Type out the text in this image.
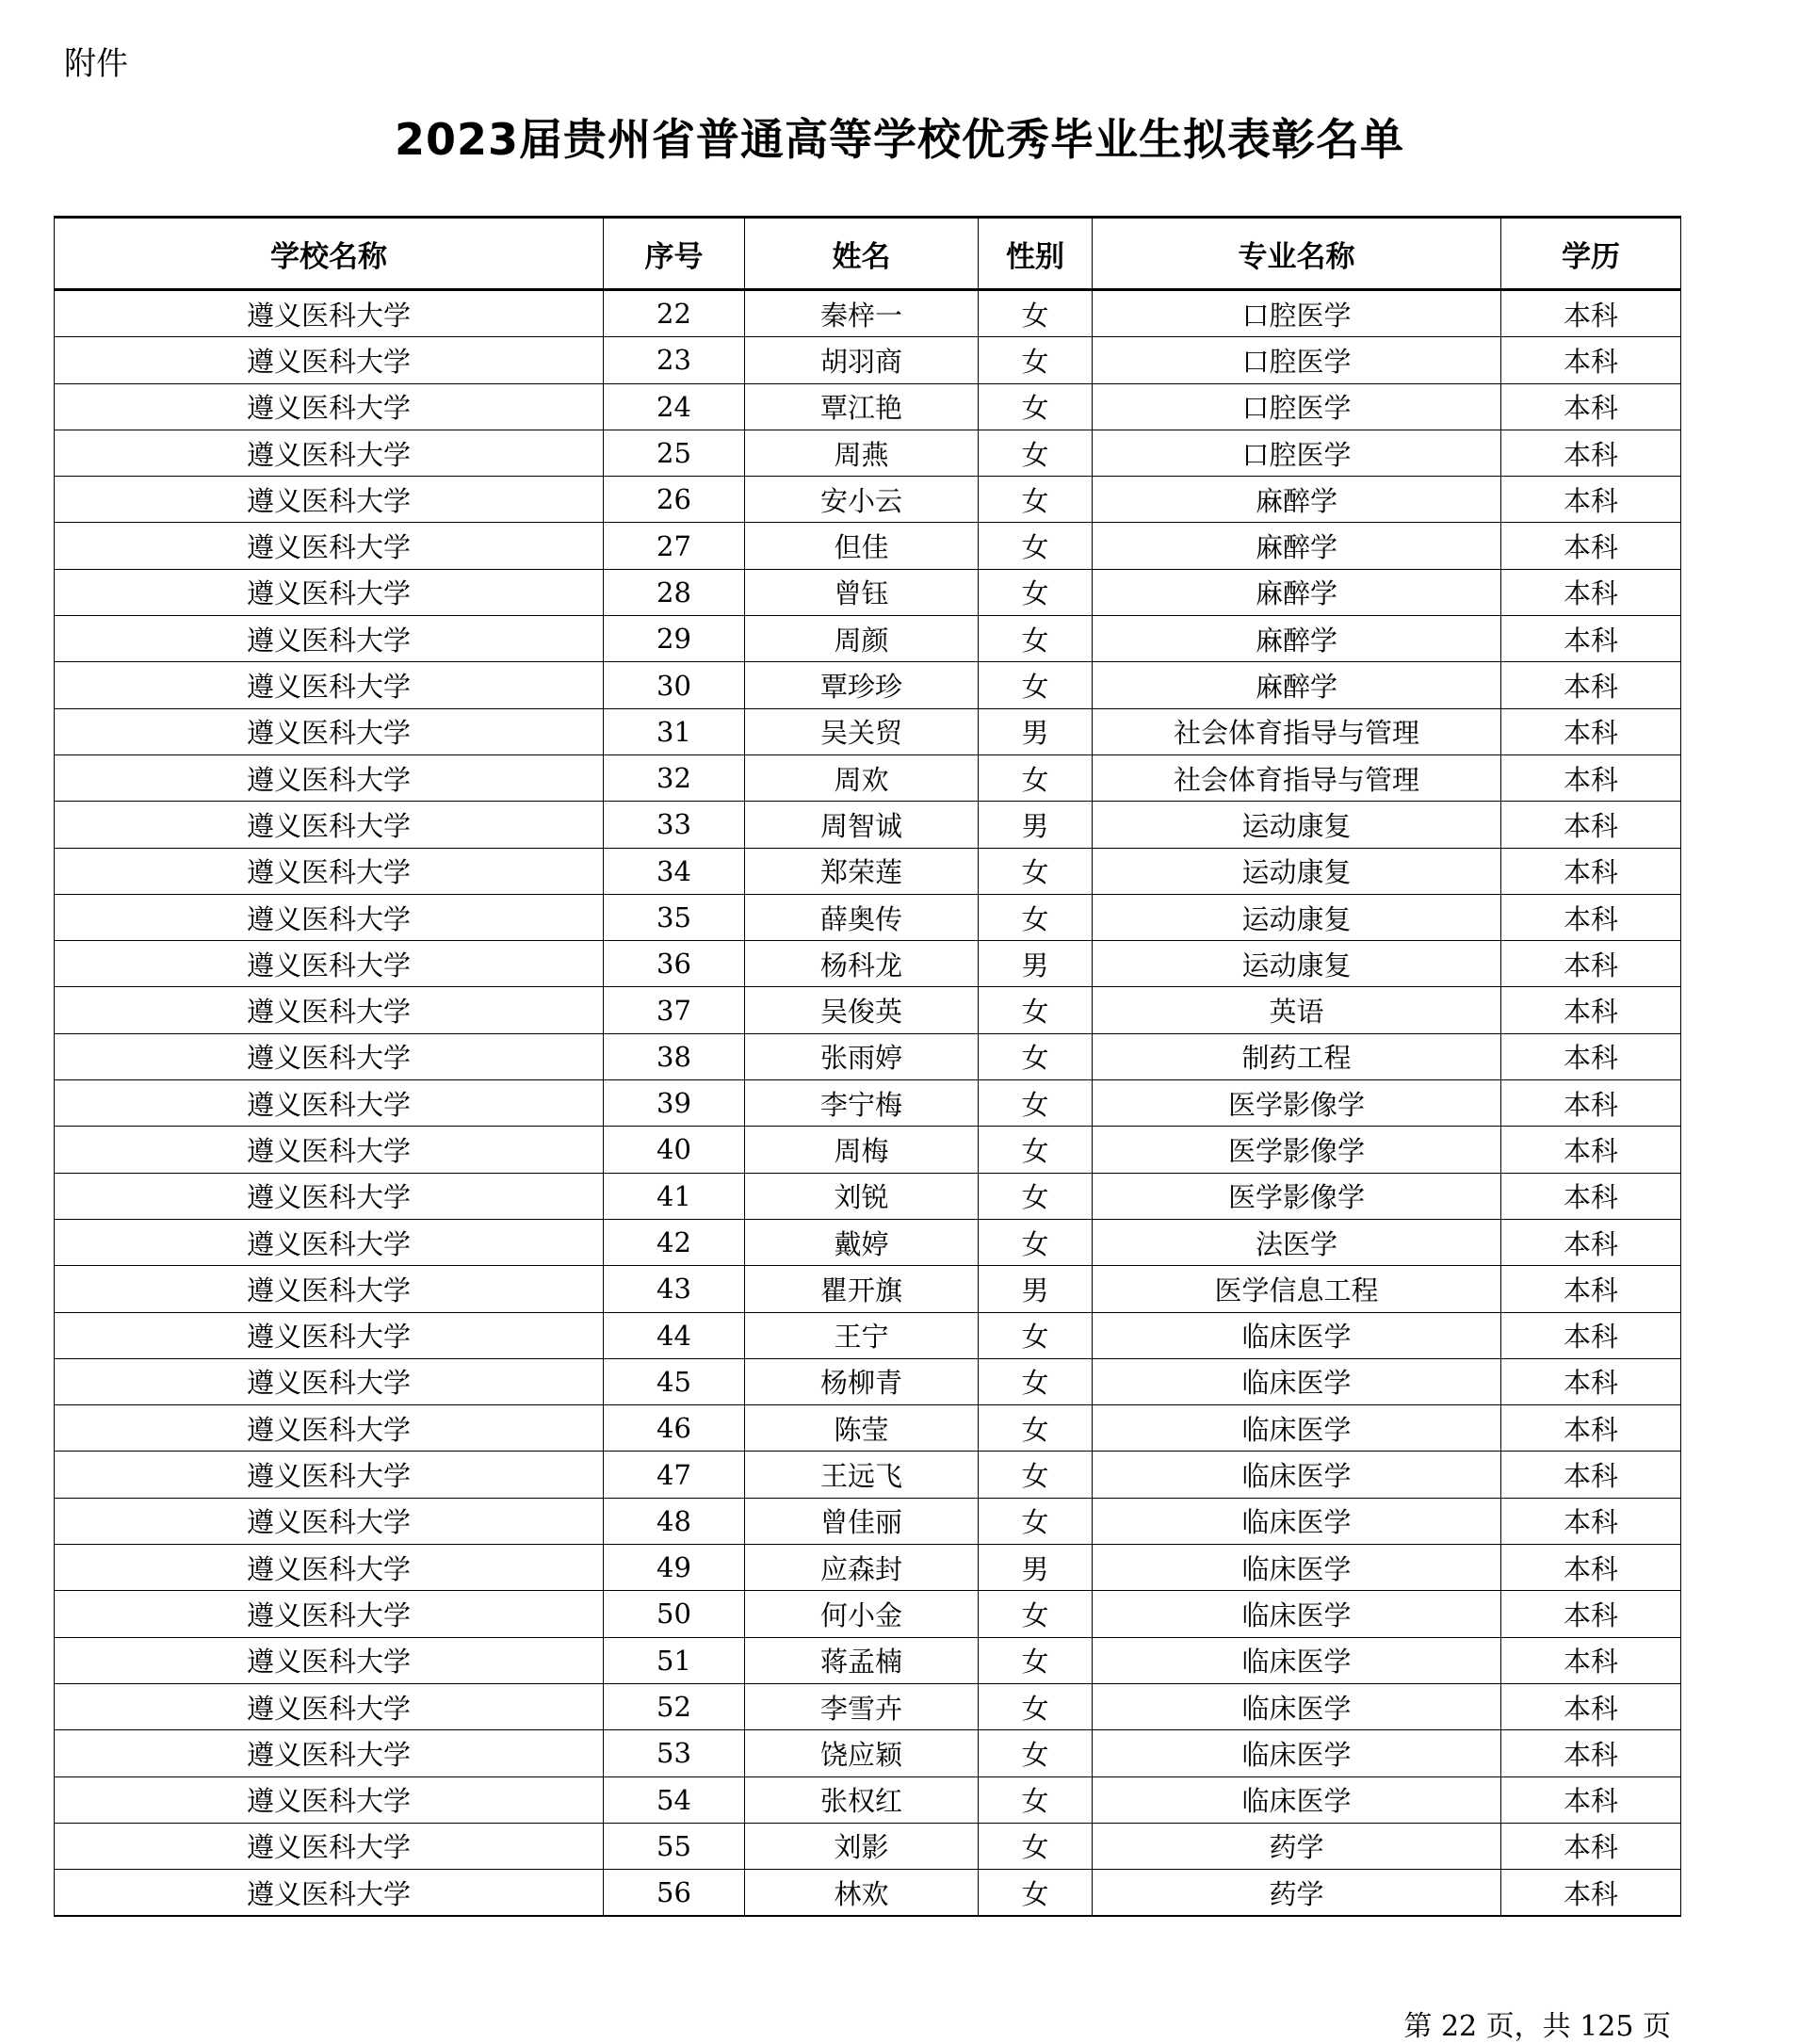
附件
2023届贵州省普通高等学校优秀毕业生拟表彰名单
学校名称	序号	姓名	性别	专业名称	学历
遵义医科大学	22	秦梓一	女	口腔医学	本科
遵义医科大学	23	胡羽商	女	口腔医学	本科
遵义医科大学	24	覃江艳	女	口腔医学	本科
遵义医科大学	25	周燕	女	口腔医学	本科
遵义医科大学	26	安小云	女	麻醉学	本科
遵义医科大学	27	但佳	女	麻醉学	本科
遵义医科大学	28	曾钰	女	麻醉学	本科
遵义医科大学	29	周颜	女	麻醉学	本科
遵义医科大学	30	覃珍珍	女	麻醉学	本科
遵义医科大学	31	吴关贸	男	社会体育指导与管理	本科
遵义医科大学	32	周欢	女	社会体育指导与管理	本科
遵义医科大学	33	周智诚	男	运动康复	本科
遵义医科大学	34	郑荣莲	女	运动康复	本科
遵义医科大学	35	薛奥传	女	运动康复	本科
遵义医科大学	36	杨科龙	男	运动康复	本科
遵义医科大学	37	吴俊英	女	英语	本科
遵义医科大学	38	张雨婷	女	制药工程	本科
遵义医科大学	39	李宁梅	女	医学影像学	本科
遵义医科大学	40	周梅	女	医学影像学	本科
遵义医科大学	41	刘锐	女	医学影像学	本科
遵义医科大学	42	戴婷	女	法医学	本科
遵义医科大学	43	瞿开旗	男	医学信息工程	本科
遵义医科大学	44	王宁	女	临床医学	本科
遵义医科大学	45	杨柳青	女	临床医学	本科
遵义医科大学	46	陈莹	女	临床医学	本科
遵义医科大学	47	王远飞	女	临床医学	本科
遵义医科大学	48	曾佳丽	女	临床医学	本科
遵义医科大学	49	应森封	男	临床医学	本科
遵义医科大学	50	何小金	女	临床医学	本科
遵义医科大学	51	蒋孟楠	女	临床医学	本科
遵义医科大学	52	李雪卉	女	临床医学	本科
遵义医科大学	53	饶应颖	女	临床医学	本科
遵义医科大学	54	张权红	女	临床医学	本科
遵义医科大学	55	刘影	女	药学	本科
遵义医科大学	56	林欢	女	药学	本科
第 22 页，共 125 页
